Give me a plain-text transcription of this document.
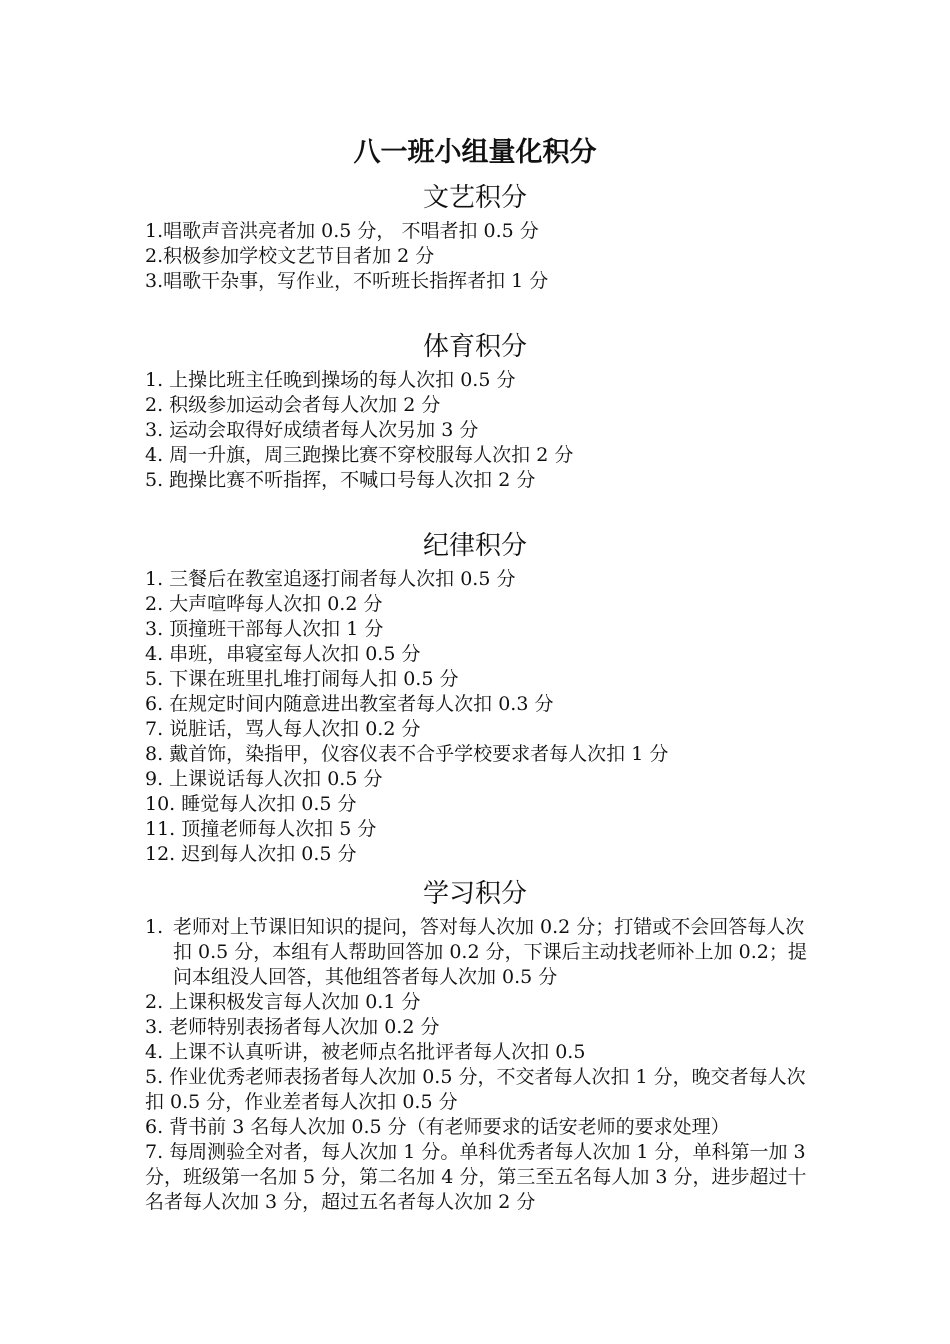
八一班小组量化积分
文艺积分
1.唱歌声音洪亮者加 0.5 分， 不唱者扣 0.5 分
2.积极参加学校文艺节目者加 2 分
3.唱歌干杂事，写作业，不听班长指挥者扣 1 分
体育积分
1. 上操比班主任晚到操场的每人次扣 0.5 分
2. 积级参加运动会者每人次加 2 分
3. 运动会取得好成绩者每人次另加 3 分
4. 周一升旗，周三跑操比赛不穿校服每人次扣 2 分
5. 跑操比赛不听指挥，不喊口号每人次扣 2 分
纪律积分
1. 三餐后在教室追逐打闹者每人次扣 0.5 分
2. 大声喧哗每人次扣 0.2 分
3. 顶撞班干部每人次扣 1 分
4. 串班，串寝室每人次扣 0.5 分
5. 下课在班里扎堆打闹每人扣 0.5 分
6. 在规定时间内随意进出教室者每人次扣 0.3 分
7. 说脏话，骂人每人次扣 0.2 分
8. 戴首饰，染指甲，仪容仪表不合乎学校要求者每人次扣 1 分
9. 上课说话每人次扣 0.5 分
10. 睡觉每人次扣 0.5 分
11. 顶撞老师每人次扣 5 分
12. 迟到每人次扣 0.5 分
学习积分
1. 老师对上节课旧知识的提问，答对每人次加 0.2 分；打错或不会回答每人次扣 0.5 分，本组有人帮助回答加 0.2 分，下课后主动找老师补上加 0.2；提问本组没人回答，其他组答者每人次加 0.5 分
2. 上课积极发言每人次加 0.1 分
3. 老师特别表扬者每人次加 0.2 分
4. 上课不认真听讲，被老师点名批评者每人次扣 0.5
5. 作业优秀老师表扬者每人次加 0.5 分，不交者每人次扣 1 分，晚交者每人次扣 0.5 分，作业差者每人次扣 0.5 分
6. 背书前 3 名每人次加 0.5 分（有老师要求的话安老师的要求处理）
7. 每周测验全对者，每人次加 1 分。单科优秀者每人次加 1 分，单科第一加 3 分，班级第一名加 5 分，第二名加 4 分，第三至五名每人加 3 分，进步超过十名者每人次加 3 分，超过五名者每人次加 2 分
